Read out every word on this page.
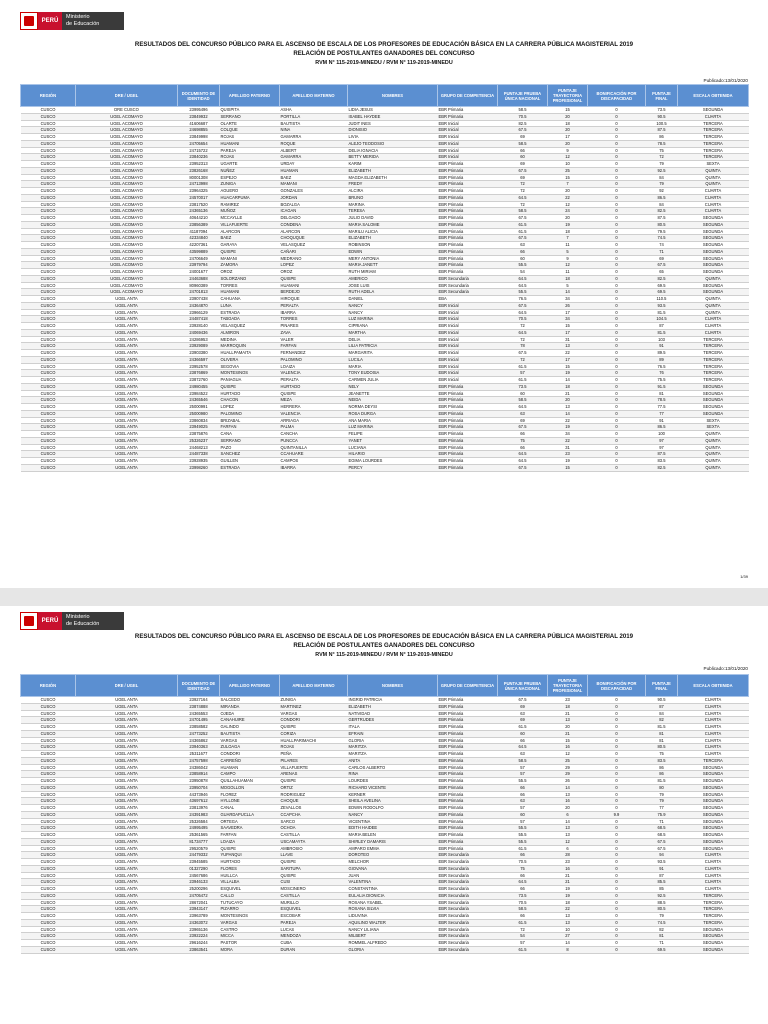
PERÚ
Ministerio
de Educación
RESULTADOS DEL CONCURSO PÚBLICO PARA EL ASCENSO DE ESCALA DE LOS PROFESORES DE EDUCACIÓN BÁSICA EN LA CARRERA PÚBLICA MAGISTERIAL 2019
RELACIÓN DE POSTULANTES GANADORES DEL CONCURSO
RVM N° 115-2019-MINEDU / RVM N° 119-2019-MINEDU
Publicado:13/01/2020
REGIÓN	DRE / UGEL	DOCUMENTO DE IDENTIDAD	APELLIDO PATERNO	APELLIDO MATERNO	NOMBRES	GRUPO DE COMPETENCIA	PUNTAJE PRUEBA ÚNICA NACIONAL	PUNTAJE TRAYECTORIA PROFESIONAL	BONIFICACIÓN POR DISCAPACIDAD	PUNTAJE FINAL	ESCALA OBTENIDA
CUSCO	DRE CUSCO	23995496	QUISPITA	ASHA	LIDIA JESUS	EBR Primaria	58.5	15	0	73.5	SEGUNDA
CUSCO	UGEL ACOMAYO	23849932	SERRANO	PORTILLA	ISABEL HAYDEE	EBR Primaria	70.5	20	0	90.5	CUARTA
CUSCO	UGEL ACOMAYO	41606687	OLARTE	BAUTISTA	JUDIT INES	EBR Inicial	82.5	18	0	100.5	TERCERA
CUSCO	UGEL ACOMAYO	24698855	COLQUE	NINA	DIONISIO	EBR Inicial	67.5	20	0	87.5	TERCERA
CUSCO	UGEL ACOMAYO	23849998	ROJAS	GAMARRA	LIVIA	EBR Inicial	69	17	0	86	TERCERA
CUSCO	UGEL ACOMAYO	24705654	HUAMANI	ROQUE	ALEJO TEODOSIO	EBR Inicial	58.5	20	0	78.5	TERCERA
CUSCO	UGEL ACOMAYO	24715722	PAREJA	ALBERT	DELIA IGNACIA	EBR Inicial	66	9	0	75	TERCERA
CUSCO	UGEL ACOMAYO	23840236	ROJAS	GAMARRA	BETTY MERIDA	EBR Inicial	60	12	0	72	TERCERA
CUSCO	UGEL ACOMAYO	23952313	UGARTE	URDAY	KARIM	EBR Primaria	69	10	0	79	SEXTA
CUSCO	UGEL ACOMAYO	23826168	NUÑEZ	HUAMAN	ELIZABETH	EBR Primaria	67.5	25	0	92.5	QUINTA
CUSCO	UGEL ACOMAYO	80001308	ESPEJO	BAEZ	MAGDA ELIZABETH	EBR Primaria	69	15	0	84	QUINTA
CUSCO	UGEL ACOMAYO	24713998	ZUNIGA	MAMANI	FREDY	EBR Primaria	72	7	0	79	QUINTA
CUSCO	UGEL ACOMAYO	23964325	AGUERO	GONZALES	ALCIRA	EBR Primaria	72	20	0	92	CUARTA
CUSCO	UGEL ACOMAYO	24570017	HUACARPUMA	JORDAN	BRUNO	EBR Primaria	64.5	22	0	86.5	CUARTA
CUSCO	UGEL ACOMAYO	23817520	RAMIREZ	BOZALGA	MARINA	EBR Primaria	72	12	0	84	CUARTA
CUSCO	UGEL ACOMAYO	24365136	MUÑOZ	ICAGAN	TERESA	EBR Primaria	58.5	24	0	82.5	CUARTA
CUSCO	UGEL ACOMAYO	40644210	MCCAYLLE	DELGADO	JULIO DAVID	EBR Primaria	67.5	20	0	87.5	SEGUNDA
CUSCO	UGEL ACOMAYO	23856389	VILLAFUERTE	CONDENA	MARIA SALOME	EBR Primaria	61.5	19	0	80.5	SEGUNDA
CUSCO	UGEL ACOMAYO	41187094	ALARCON	ALARCON	MARILU ALICIA	EBR Primaria	61.5	18	0	79.5	SEGUNDA
CUSCO	UGEL ACOMAYO	42334840	BAEZ	CHOQUQUE	ELIZABETH	EBR Primaria	67.5	7	0	74.5	SEGUNDA
CUSCO	UGEL ACOMAYO	42207361	GARAYA	VELASQUEZ	ROBINSON	EBR Primaria	63	11	0	74	SEGUNDA
CUSCO	UGEL ACOMAYO	43599889	QUISPE	CAÑARI	EDWIN	EBR Primaria	66	5	0	71	SEGUNDA
CUSCO	UGEL ACOMAYO	24706649	MAMANI	MEDRANO	MERY ANTONIA	EBR Primaria	60	9	0	69	SEGUNDA
CUSCO	UGEL ACOMAYO	23979794	ZAMORA	LOPEZ	MARIA JANETT	EBR Primaria	55.5	12	0	67.5	SEGUNDA
CUSCO	UGEL ACOMAYO	24001677	OROZ	OROZ	RUTH MIRIAM	EBR Primaria	54	11	0	65	SEGUNDA
CUSCO	UGEL ACOMAYO	24463688	SOLORZANO	QUISPE	AMERICO	EBR Secundaria	64.5	18	0	82.5	QUINTA
CUSCO	UGEL ACOMAYO	80960389	TORRES	HUAMANI	JOSE LUIS	EBR Secundaria	64.5	5	0	69.5	SEGUNDA
CUSCO	UGEL ACOMAYO	24701813	HUAMANI	BERDEJO	RUTH ADELA	EBR Secundaria	55.5	14	0	69.5	SEGUNDA
CUSCO	UGEL ANTA	23907438	CAHUANA	HIROQUE	DANIEL	EBA	76.5	34	0	110.5	QUINTA
CUSCO	UGEL ANTA	24364870	LUNA	PERALTA	NANCY	EBR Inicial	67.5	26	0	93.5	QUINTA
CUSCO	UGEL ANTA	23966129	ESTRADA	IBARRA	NANCY	EBR Inicial	64.5	17	0	81.5	QUINTA
CUSCO	UGEL ANTA	24487418	TABOADA	TORRES	LUZ MARINA	EBR Inicial	70.5	34	0	104.5	CUARTA
CUSCO	UGEL ANTA	23928140	VELASQUEZ	PINARES	CIPRIANA	EBR Inicial	72	15	0	87	CUARTA
CUSCO	UGEL ANTA	24069436	ALMIRON	ZAVA	MARTHA	EBR Inicial	64.5	17	0	81.5	CUARTA
CUSCO	UGEL ANTA	24286953	MEDINA	VALER	DELIA	EBR Inicial	72	31	0	103	TERCERA
CUSCO	UGEL ANTA	23929089	MARROQUIN	FARFAN	LILIA PATRICIA	EBR Inicial	78	13	0	91	TERCERA
CUSCO	UGEL ANTA	23903380	HUALLPAMAITA	FERNANDEZ	MARGARITA	EBR Inicial	67.5	22	0	89.5	TERCERA
CUSCO	UGEL ANTA	24366597	OLIVERA	PALOMINO	LUCILA	EBR Inicial	72	17	0	89	TERCERA
CUSCO	UGEL ANTA	23952578	SEGOVIA	LOAIZA	MARIA	EBR Inicial	61.5	15	0	76.5	TERCERA
CUSCO	UGEL ANTA	23876869	MONTESINOS	VALENCIA	TONY EUDOSIA	EBR Inicial	57	19	0	76	TERCERA
CUSCO	UGEL ANTA	23872760	PANIAGUA	PERALTA	CARMEN JULIA	EBR Inicial	61.5	14	0	75.5	TERCERA
CUSCO	UGEL ANTA	24980455	QUISPE	HURTADO	NELY	EBR Primaria	73.5	18	0	91.5	SEGUNDA
CUSCO	UGEL ANTA	23984522	HURTADO	QUISPE	JEANETTE	EBR Primaria	60	21	0	81	SEGUNDA
CUSCO	UGEL ANTA	24365546	CHACON	MEZA	NEIDA	EBR Primaria	58.5	20	0	78.5	SEGUNDA
CUSCO	UGEL ANTA	25000991	LOPEZ	HERRERA	NORMA DEYSI	EBR Primaria	64.5	13	0	77.5	SEGUNDA
CUSCO	UGEL ANTA	25000980	PALOMINO	VALENCIA	ROSA DURGA	EBR Primaria	63	14	0	77	SEGUNDA
CUSCO	UGEL ANTA	23860834	BRIZABAL	ARRIAGA	ANA MARIA	EBR Primaria	69	22	0	91	SEXTA
CUSCO	UGEL ANTA	23949025	FARFAN	PALMA	LUZ MARINA	EBR Primaria	67.5	19	0	86.5	SEXTA
CUSCO	UGEL ANTA	23875876	CANA	CANCHA	FELIPE	EBR Primaria	66	34	0	100	QUINTA
CUSCO	UGEL ANTA	25326237	SERRANO	PUNCCA	YANET	EBR Primaria	75	22	0	97	QUINTA
CUSCO	UGEL ANTA	24468213	PAZO	QUINTANILLA	LUCIANA	EBR Primaria	66	31	0	97	QUINTA
CUSCO	UGEL ANTA	24487338	SANCHEZ	CCAHUARE	HILARIO	EBR Primaria	64.5	23	0	87.5	QUINTA
CUSCO	UGEL ANTA	23928935	GUILLEN	CAMPOS	EGIMA LOURDES	EBR Primaria	64.5	19	0	83.5	QUINTA
CUSCO	UGEL ANTA	23998260	ESTRADA	IBARRA	PERCY	EBR Primaria	67.5	15	0	82.5	QUINTA
1/39
PERÚ
Ministerio
de Educación
RESULTADOS DEL CONCURSO PÚBLICO PARA EL ASCENSO DE ESCALA DE LOS PROFESORES DE EDUCACIÓN BÁSICA EN LA CARRERA PÚBLICA MAGISTERIAL 2019
RELACIÓN DE POSTULANTES GANADORES DEL CONCURSO
RVM N° 115-2019-MINEDU / RVM N° 119-2019-MINEDU
Publicado:13/01/2020
REGIÓN	DRE / UGEL	DOCUMENTO DE IDENTIDAD	APELLIDO PATERNO	APELLIDO MATERNO	NOMBRES	GRUPO DE COMPETENCIA	PUNTAJE PRUEBA ÚNICA NACIONAL	PUNTAJE TRAYECTORIA PROFESIONAL	BONIFICACIÓN POR DISCAPACIDAD	PUNTAJE FINAL	ESCALA OBTENIDA
CUSCO	UGEL ANTA	23927164	SALCEDO	ZUNIGA	INGRID PATRICIA	EBR Primaria	67.5	23	0	90.5	CUARTA
CUSCO	UGEL ANTA	23874888	MIRANDA	MARTINEZ	ELIZABETH	EBR Primaria	69	18	0	87	CUARTA
CUSCO	UGEL ANTA	24365553	OJEDA	VARGAS	NATIVIDAD	EBR Primaria	63	21	0	84	CUARTA
CUSCO	UGEL ANTA	24701495	CANAHUIRE	CONDORI	GERTRUDES	EBR Primaria	69	13	0	82	CUARTA
CUSCO	UGEL ANTA	23858582	GALINDO	QUISPE	ITALA	EBR Primaria	61.5	20	0	81.5	CUARTA
CUSCO	UGEL ANTA	24773252	BAUTISTA	CORIZA	EFRAIN	EBR Primaria	60	21	0	81	CUARTA
CUSCO	UGEL ANTA	24365862	VARGAS	HUALLPARIMACHI	GLORIA	EBR Primaria	66	15	0	81	CUARTA
CUSCO	UGEL ANTA	23940363	ZULOAGA	ROJAS	MARITZA	EBR Primaria	64.5	16	0	80.5	CUARTA
CUSCO	UGEL ANTA	25311677	CONDORI	PEÑA	MARITZA	EBR Primaria	63	12	0	75	CUARTA
CUSCO	UGEL ANTA	24757598	CARREÑO	PILARES	ANITA	EBR Primaria	58.5	25	0	83.5	TERCERA
CUSCO	UGEL ANTA	24386042	HUAMAN	VILLAFUERTE	CARLOS ALBERTO	EBR Primaria	57	29	0	86	SEGUNDA
CUSCO	UGEL ANTA	23858914	CAMPO	ARENAS	RINA	EBR Primaria	57	29	0	86	SEGUNDA
CUSCO	UGEL ANTA	23950878	QUILLAHUAMAN	QUISPE	LOURDES	EBR Primaria	55.5	26	0	81.5	SEGUNDA
CUSCO	UGEL ANTA	23950704	MOGOLLON	ORTIZ	RICHARD VICENTE	EBR Primaria	66	14	0	80	SEGUNDA
CUSCO	UGEL ANTA	44373946	FLOREZ	RODRIGUEZ	KERNER	EBR Primaria	66	13	0	79	SEGUNDA
CUSCO	UGEL ANTA	43697612	HYLLONE	CHOQUE	SHEILA AVELINA	EBR Primaria	63	16	0	79	SEGUNDA
CUSCO	UGEL ANTA	23813976	CANAL	ZEVALLOS	EDWIN RODOLFO	EBR Primaria	57	20	0	77	SEGUNDA
CUSCO	UGEL ANTA	24391983	GUARDAPUCLLA	CCAPCHA	NANCY	EBR Primaria	60	6	9.9	75.9	SEGUNDA
CUSCO	UGEL ANTA	25326584	ORTEGA	SARCO	VICENTINA	EBR Primaria	57	14	0	71	SEGUNDA
CUSCO	UGEL ANTA	24995495	SAAVEDRA	OCHOA	EDITH HAIDEE	EBR Primaria	55.5	13	0	68.5	SEGUNDA
CUSCO	UGEL ANTA	25361565	FARFAN	CASTILLA	MARIA BELEN	EBR Primaria	55.5	13	0	68.5	SEGUNDA
CUSCO	UGEL ANTA	81734777	LOAIZA	USCAMAYTA	SHIRLEY DAMARIS	EBR Primaria	55.5	12	0	67.5	SEGUNDA
CUSCO	UGEL ANTA	29520579	QUISPE	AMBROSIO	AMPARO EMMA	EBR Primaria	61.5	6	0	67.5	SEGUNDA
CUSCO	UGEL ANTA	24479332	YUPANQUI	LLAVE	DOROTEO	EBR Secundaria	66	28	0	94	CUARTA
CUSCO	UGEL ANTA	23945585	HURTADO	QUISPE	MELCHOR	EBR Secundaria	70.5	23	0	93.5	CUARTA
CUSCO	UGEL ANTA	01327290	FLORES	SARITUPA	GIOVANA	EBR Secundaria	75	16	0	91	CUARTA
CUSCO	UGEL ANTA	24567686	HUILLCA	QUISPE	JUAN	EBR Secundaria	66	21	0	87	CUARTA
CUSCO	UGEL ANTA	23946133	VILLALBA	CUSI	VALENTINA	EBR Secundaria	64.5	21	0	85.5	CUARTA
CUSCO	UGEL ANTA	25200296	ESQUIVEL	MOSCINERO	CONSTANTINA	EBR Secundaria	66	19	0	85	CUARTA
CUSCO	UGEL ANTA	24705472	CALLO	CASTILLA	EULALIA DIONICIA	EBR Secundaria	73.5	19	0	92.5	TERCERA
CUSCO	UGEL ANTA	28672041	TUTUCAYO	MURILLO	ROXANA YSABEL	EBR Secundaria	70.5	18	0	88.5	TERCERA
CUSCO	UGEL ANTA	23943147	PIZARRO	ESQUIVEL	ROXANA SILVIA	EBR Secundaria	58.5	22	0	80.5	TERCERA
CUSCO	UGEL ANTA	23963789	MONTESINOS	ESCOBAR	LIDUVINA	EBR Secundaria	66	13	0	79	TERCERA
CUSCO	UGEL ANTA	24363072	VARGAS	PAREJA	AQUILINO WALTER	EBR Secundaria	61.5	13	0	74.5	TERCERA
CUSCO	UGEL ANTA	23965136	CASTRO	LUCAS	NANCY LILIANA	EBR Secundaria	72	10	0	82	SEGUNDA
CUSCO	UGEL ANTA	23922224	MICCA	MENDOZA	MILBERT	EBR Secundaria	54	27	0	81	SEGUNDA
CUSCO	UGEL ANTA	29616244	PASTOR	CUBA	ROMMEL ALFREDO	EBR Secundaria	57	14	0	71	SEGUNDA
CUSCO	UGEL ANTA	23863541	MORA	DURAN	GLORIA	EBR Secundaria	61.5	8	0	69.5	SEGUNDA
